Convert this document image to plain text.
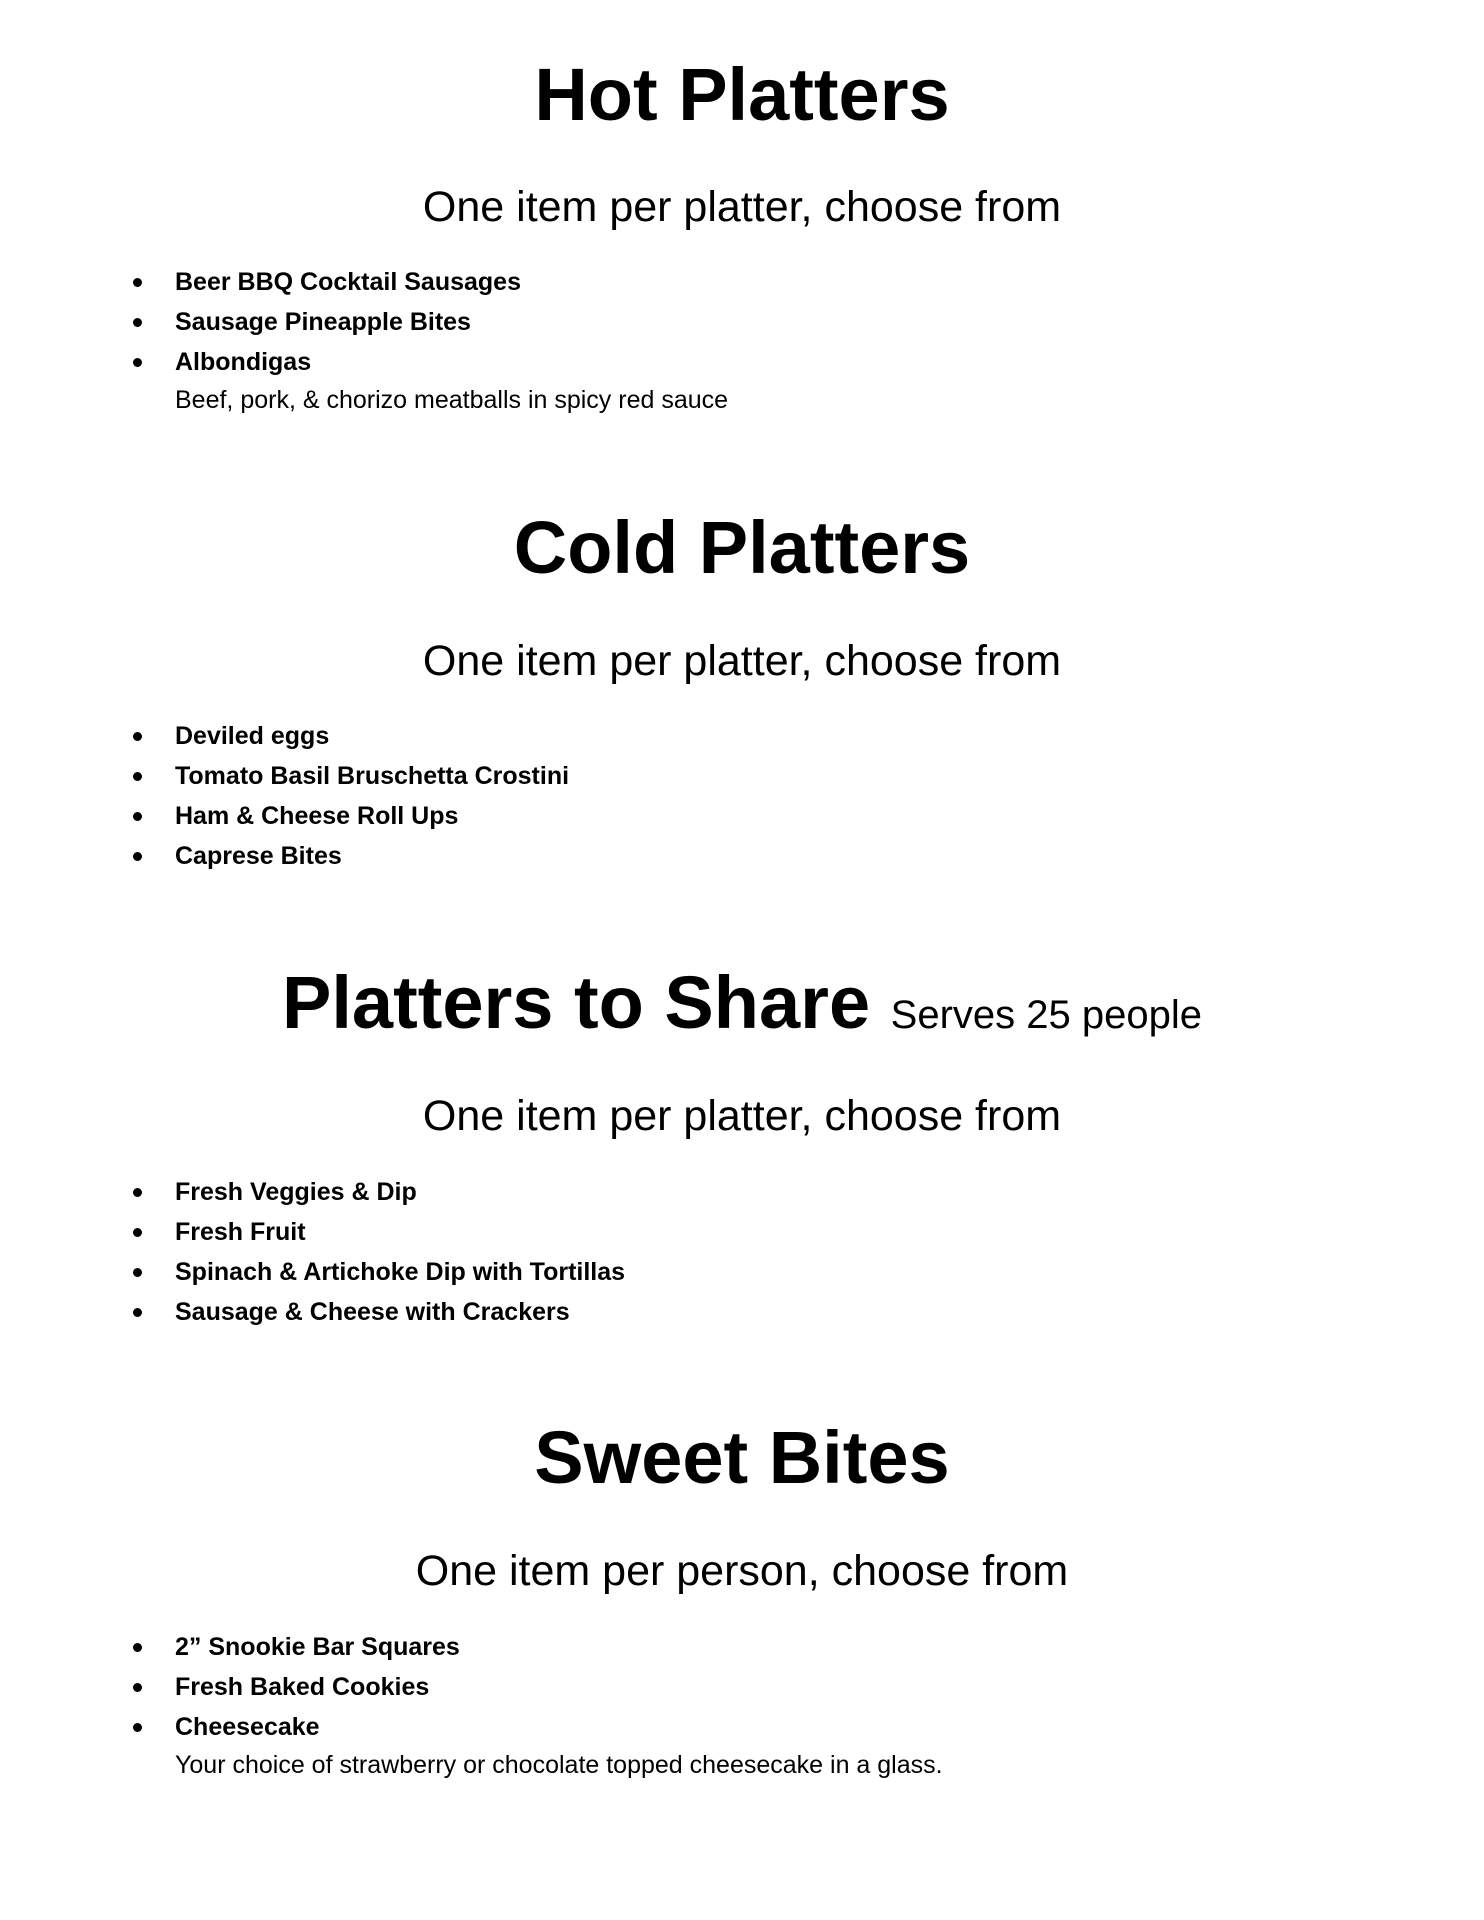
Hot Platters

One item per platter, choose from

Beer BBQ Cocktail Sausages
Sausage Pineapple Bites
Albondigas
Beef, pork, & chorizo meatballs in spicy red sauce
Cold Platters

One item per platter, choose from

Deviled eggs
Tomato Basil Bruschetta Crostini
Ham & Cheese Roll Ups
Caprese Bites
Platters to Share Serves 25 people

One item per platter, choose from

Fresh Veggies & Dip
Fresh Fruit
Spinach & Artichoke Dip with Tortillas
Sausage & Cheese with Crackers
Sweet Bites

One item per person, choose from

2” Snookie Bar Squares
Fresh Baked Cookies
Cheesecake
Your choice of strawberry or chocolate topped cheesecake in a glass.
